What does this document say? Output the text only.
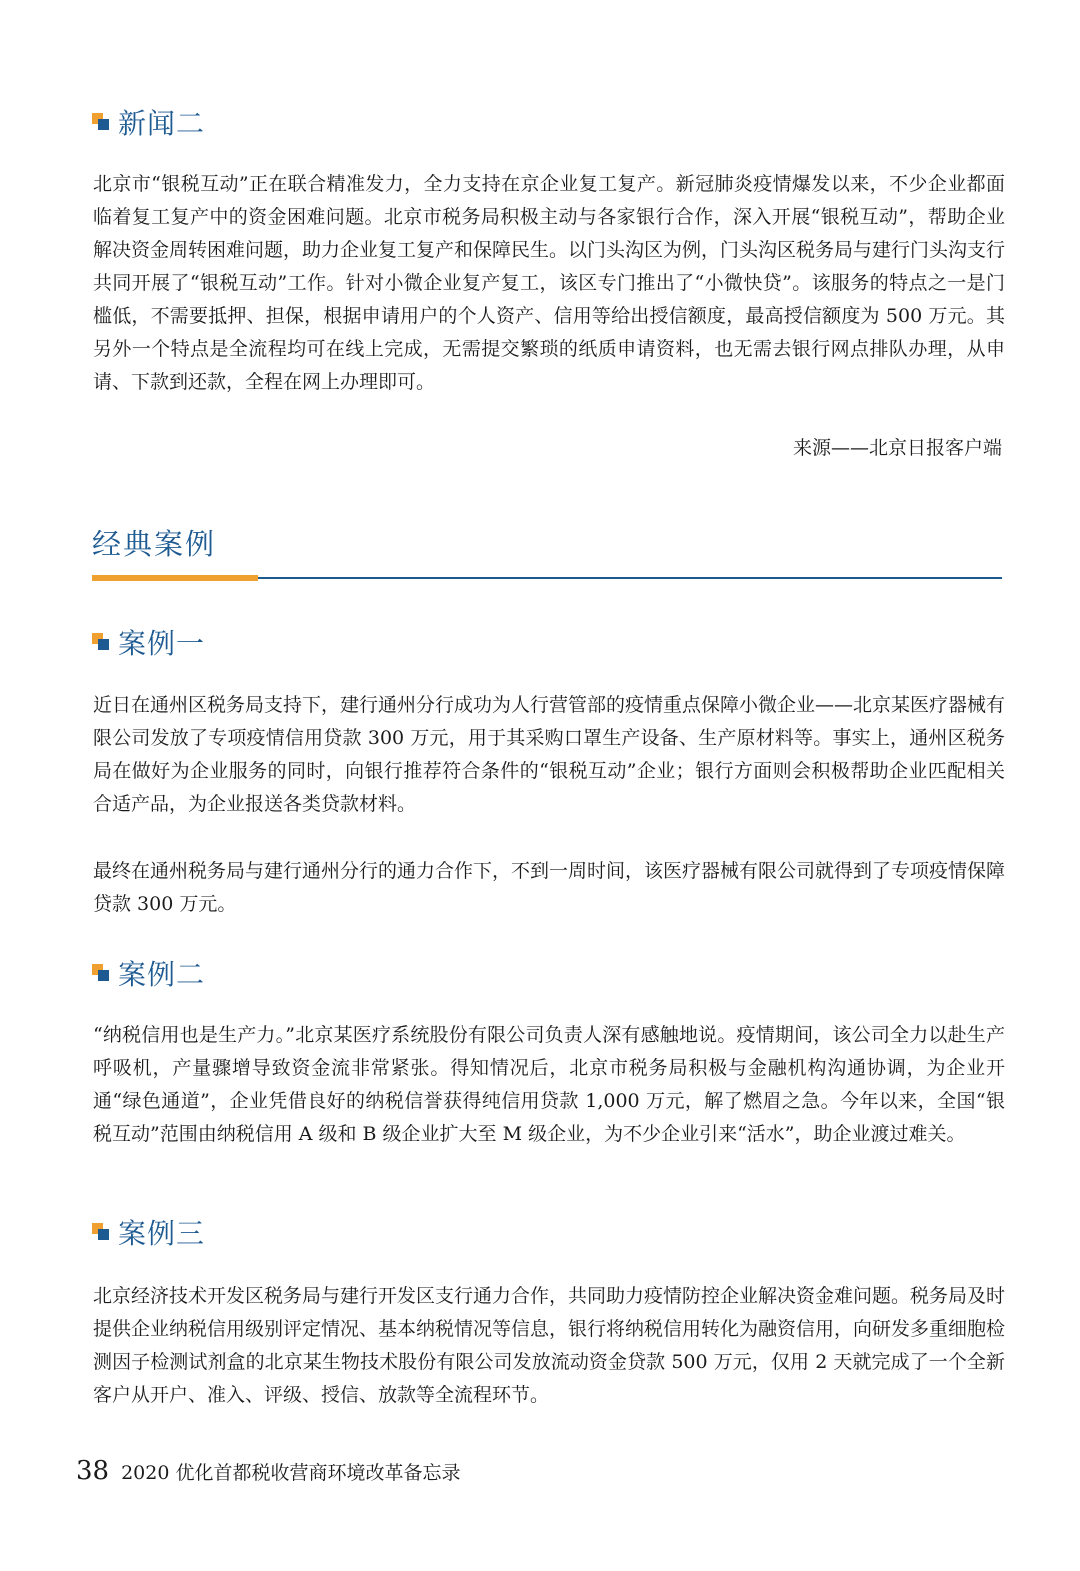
新闻二

北京市“银税互动”正在联合精准发力，全力支持在京企业复工复产。新冠肺炎疫情爆发以来，不少企业都面临着复工复产中的资金困难问题。北京市税务局积极主动与各家银行合作，深入开展“银税互动”，帮助企业解决资金周转困难问题，助力企业复工复产和保障民生。以门头沟区为例，门头沟区税务局与建行门头沟支行共同开展了“银税互动”工作。针对小微企业复产复工，该区专门推出了“小微快贷”。该服务的特点之一是门槛低，不需要抵押、担保，根据申请用户的个人资产、信用等给出授信额度，最高授信额度为 500 万元。其另外一个特点是全流程均可在线上完成，无需提交繁琐的纸质申请资料，也无需去银行网点排队办理，从申请、下款到还款，全程在网上办理即可。

来源——北京日报客户端
经典案例
案例一

近日在通州区税务局支持下，建行通州分行成功为人行营管部的疫情重点保障小微企业——北京某医疗器械有限公司发放了专项疫情信用贷款 300 万元，用于其采购口罩生产设备、生产原材料等。事实上，通州区税务局在做好为企业服务的同时，向银行推荐符合条件的“银税互动”企业；银行方面则会积极帮助企业匹配相关合适产品，为企业报送各类贷款材料。

最终在通州税务局与建行通州分行的通力合作下，不到一周时间，该医疗器械有限公司就得到了专项疫情保障贷款 300 万元。

案例二

“纳税信用也是生产力。”北京某医疗系统股份有限公司负责人深有感触地说。疫情期间，该公司全力以赴生产呼吸机，产量骤增导致资金流非常紧张。得知情况后，北京市税务局积极与金融机构沟通协调，为企业开通“绿色通道”，企业凭借良好的纳税信誉获得纯信用贷款 1,000 万元，解了燃眉之急。今年以来，全国“银税互动”范围由纳税信用 A 级和 B 级企业扩大至 M 级企业，为不少企业引来“活水”，助企业渡过难关。

案例三

北京经济技术开发区税务局与建行开发区支行通力合作，共同助力疫情防控企业解决资金难问题。税务局及时提供企业纳税信用级别评定情况、基本纳税情况等信息，银行将纳税信用转化为融资信用，向研发多重细胞检测因子检测试剂盒的北京某生物技术股份有限公司发放流动资金贷款 500 万元，仅用 2 天就完成了一个全新客户从开户、准入、评级、授信、放款等全流程环节。

38 2020 优化首都税收营商环境改革备忘录
